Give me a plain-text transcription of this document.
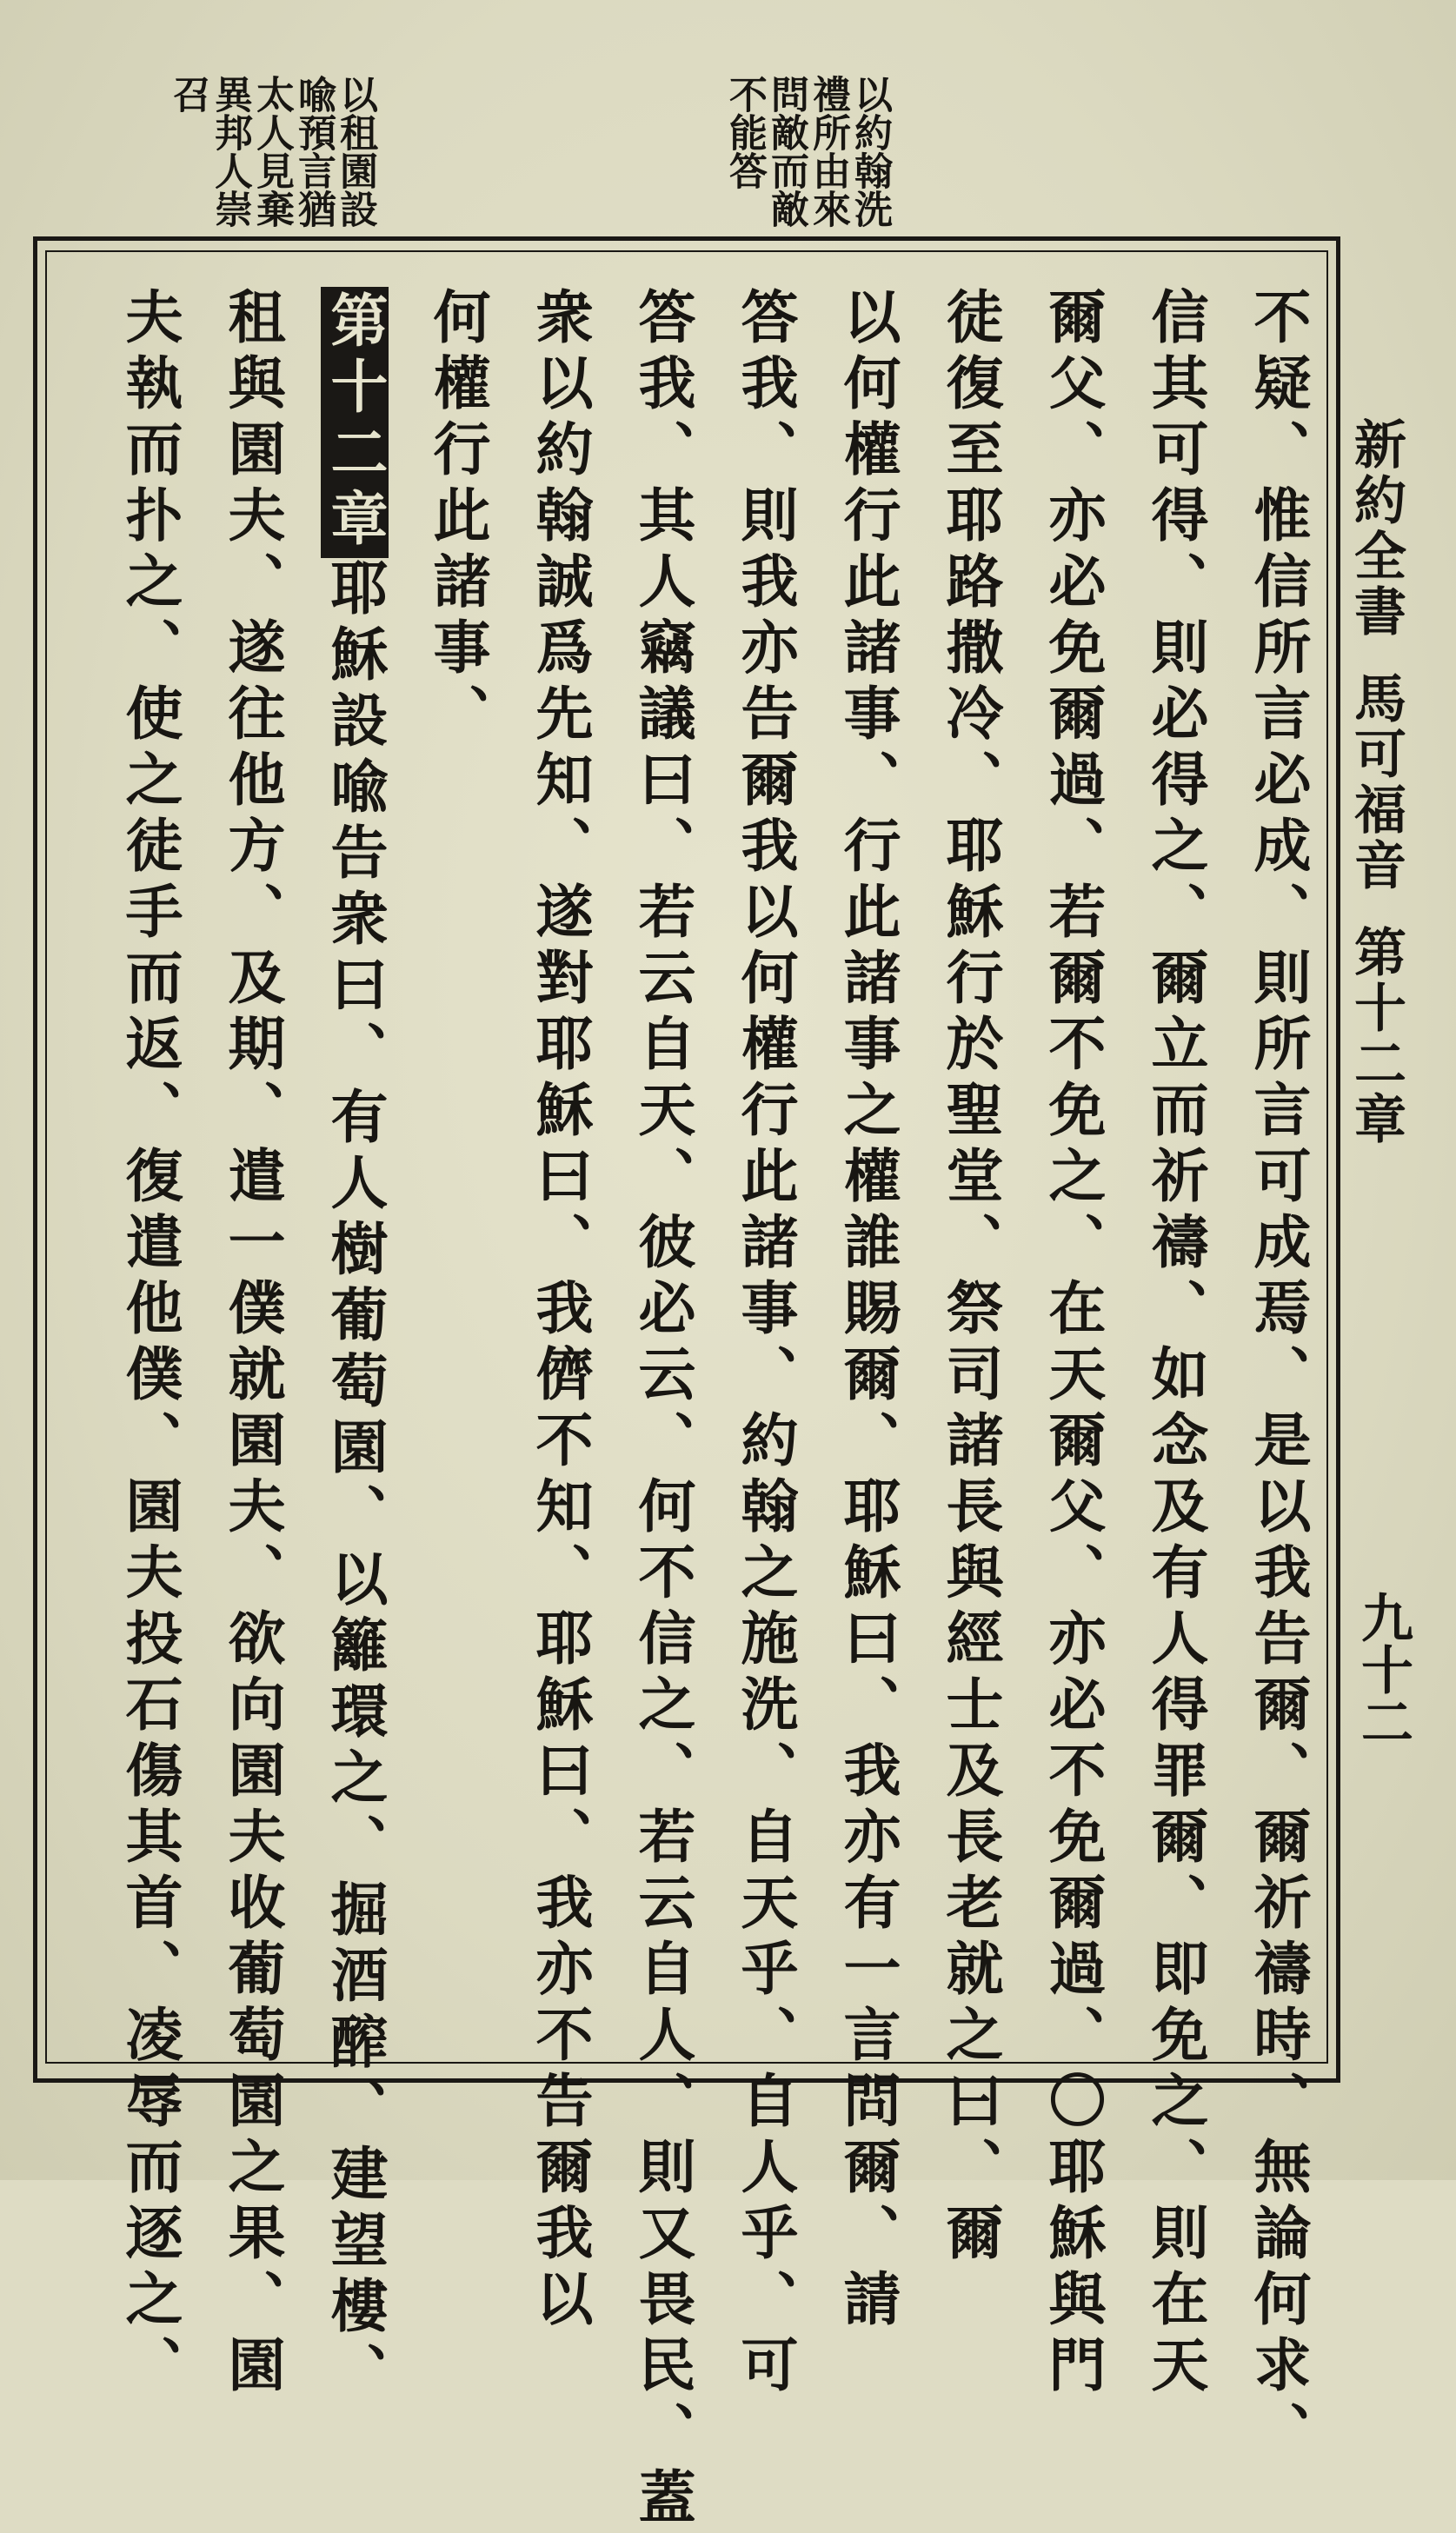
以租園設
喩預言猶
太人見棄
異邦人崇
召	以約翰洗
禮所由來
問敵而敵
不能答
新約全書馬可福音第十二章
九十二
不疑、惟信所言必成、則所言可成焉、是以我告爾、爾祈禱時、無論何求、
信其可得、則必得之、爾立而祈禱、如念及有人得罪爾、即免之、則在天
爾父、亦必免爾過、若爾不免之、在天爾父、亦必不免爾過、〇耶穌與門
徒復至耶路撒冷、耶穌行於聖堂、祭司諸長與經士及長老就之曰、爾
以何權行此諸事、行此諸事之權誰賜爾、耶穌曰、我亦有一言問爾、請
答我、則我亦告爾我以何權行此諸事、約翰之施洗、自天乎、自人乎、可
答我、其人竊議曰、若云自天、彼必云、何不信之、若云自人、則又畏民、蓋
衆以約翰誠爲先知、遂對耶穌曰、我儕不知、耶穌曰、我亦不告爾我以
何權行此諸事、
第十二章耶穌設喩告衆曰、有人樹葡萄園、以籬環之、掘酒醡、建望樓、
租與園夫、遂往他方、及期、遣一僕就園夫、欲向園夫收葡萄園之果、園
夫執而扑之、使之徒手而返、復遣他僕、園夫投石傷其首、凌辱而逐之、
